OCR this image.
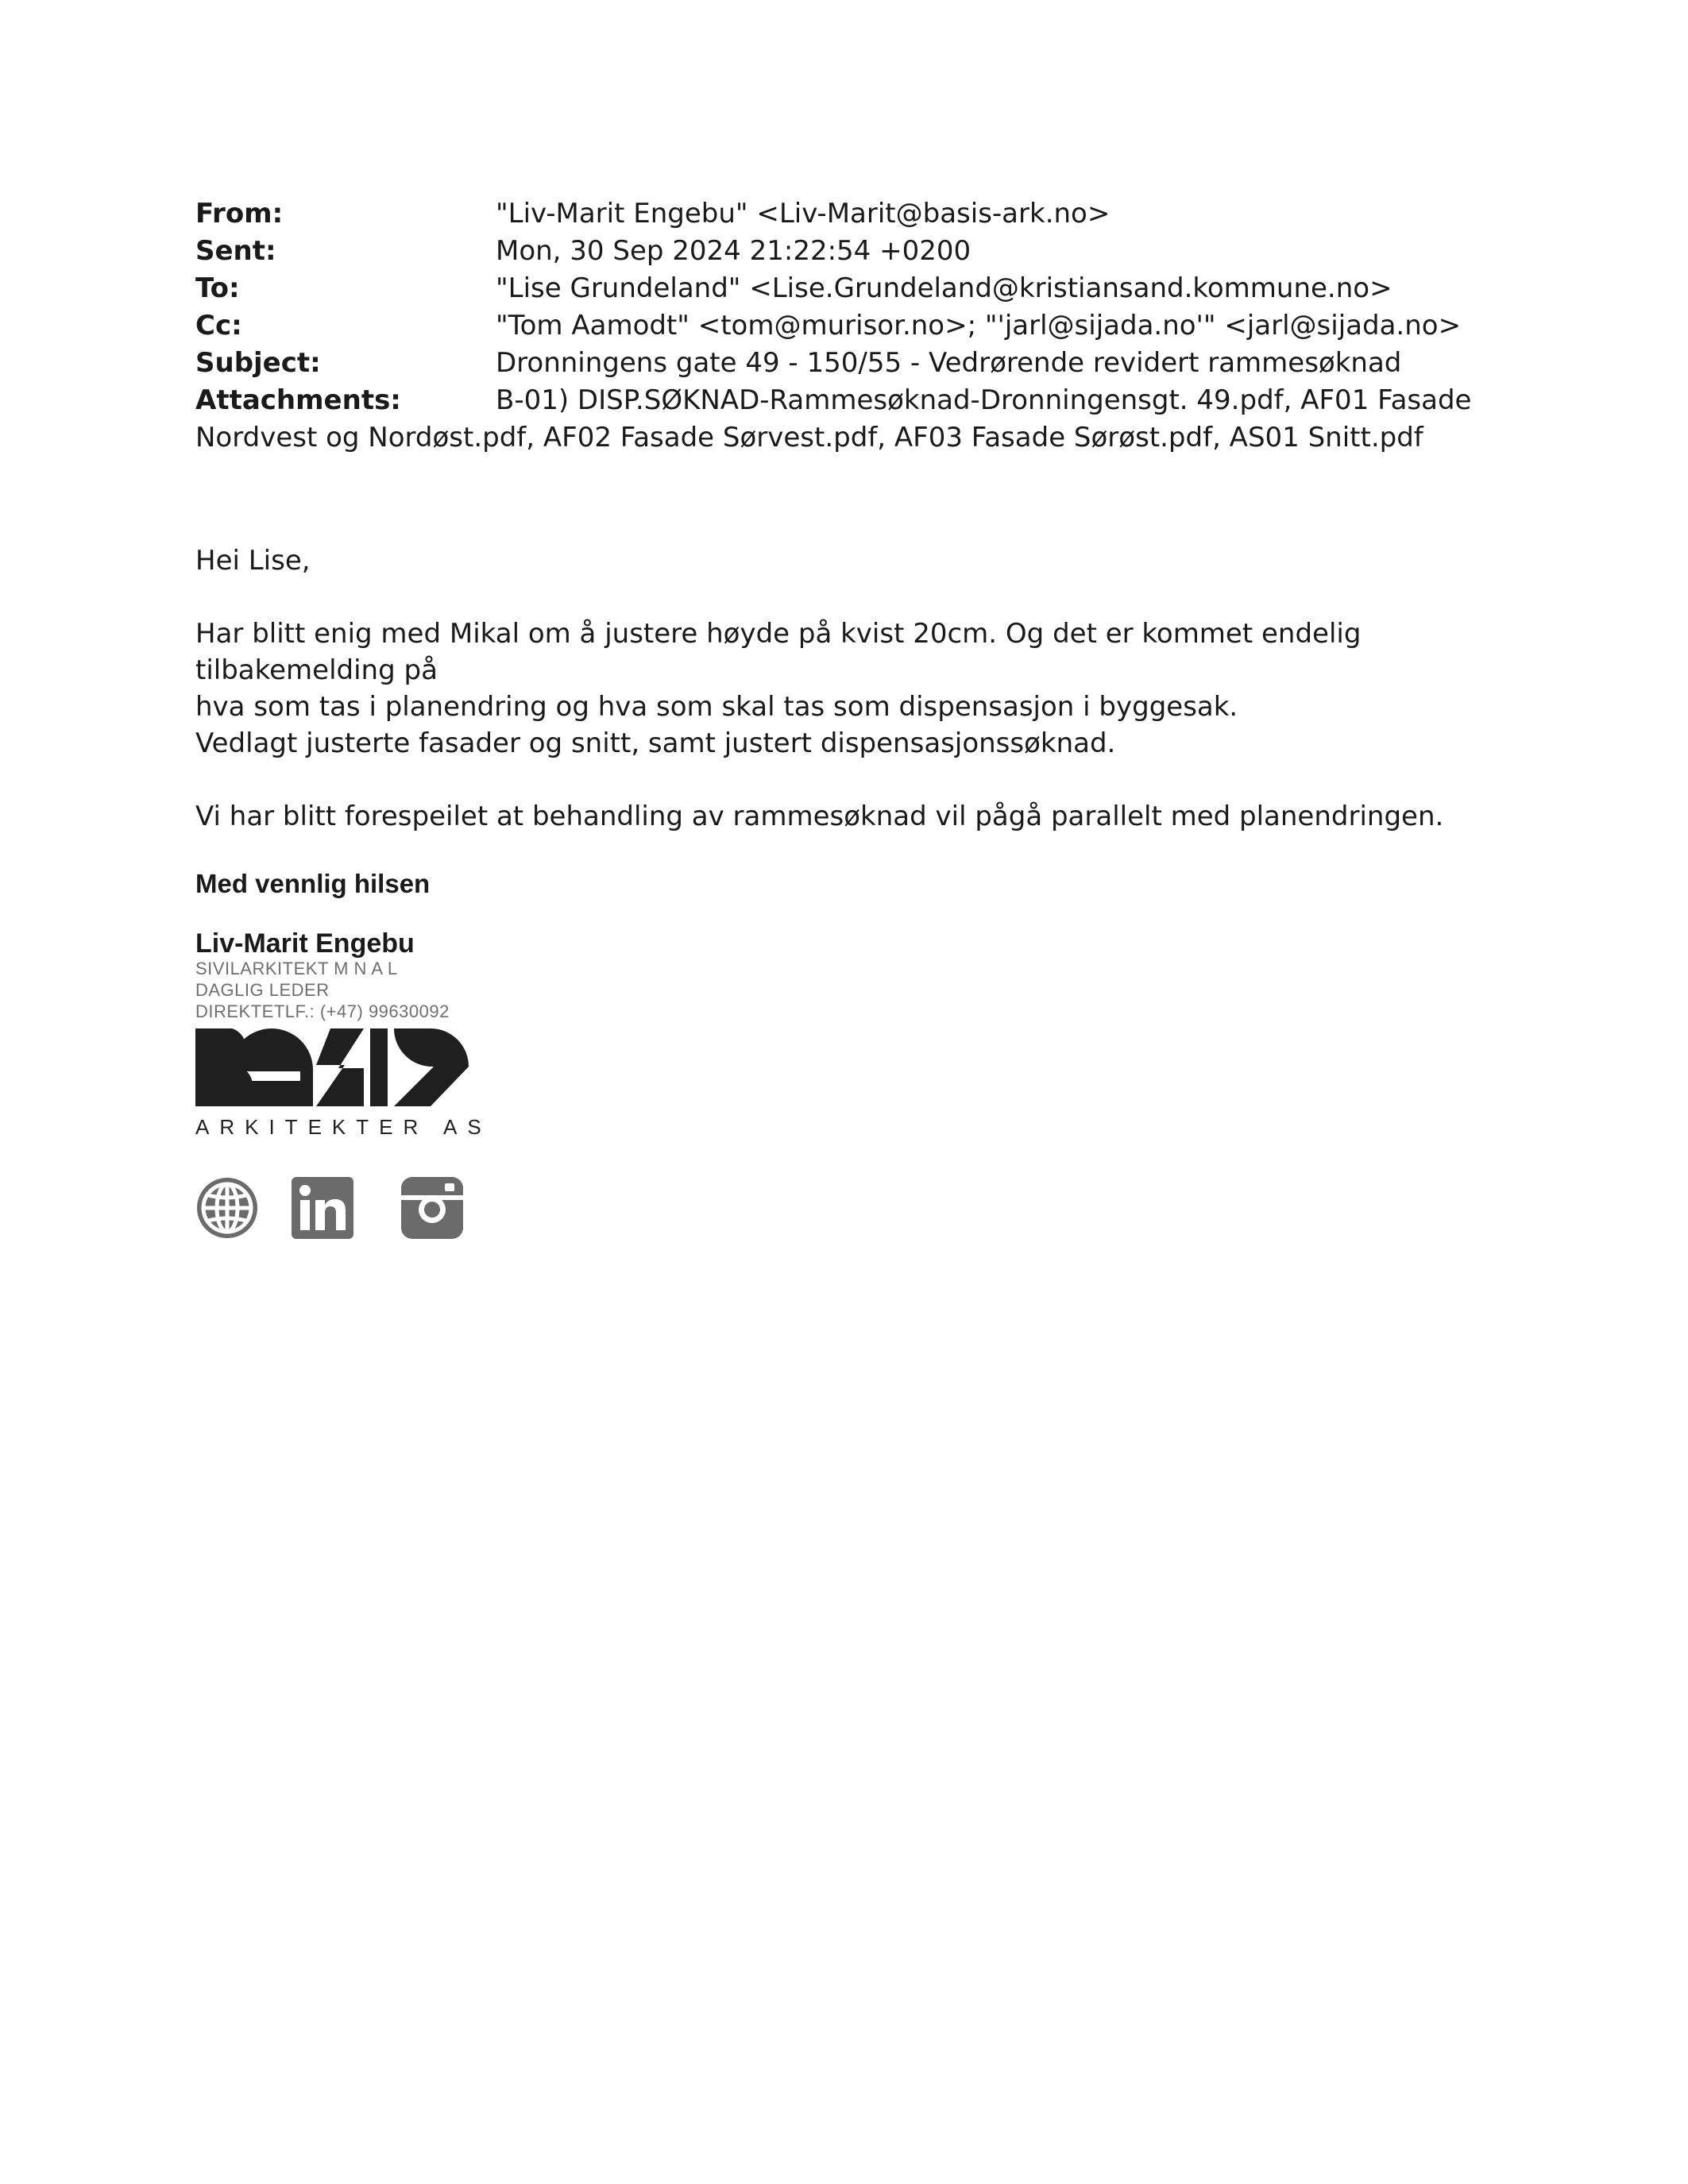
From:	"Liv-Marit Engebu" <Liv-Marit@basis-ark.no>
Sent:	Mon, 30 Sep 2024 21:22:54 +0200
To:	"Lise Grundeland" <Lise.Grundeland@kristiansand.kommune.no>
Cc:	"Tom Aamodt" <tom@murisor.no>; "'jarl@sijada.no'" <jarl@sijada.no>
Subject:	Dronningens gate 49 - 150/55 - Vedrørende revidert rammesøknad
Attachments:	B-01) DISP.SØKNAD-Rammesøknad-Dronningensgt. 49.pdf, AF01 Fasade Nordvest og Nordøst.pdf, AF02 Fasade Sørvest.pdf, AF03 Fasade Sørøst.pdf, AS01 Snitt.pdf

Hei Lise,

Har blitt enig med Mikal om å justere høyde på kvist 20cm. Og det er kommet endelig tilbakemelding på

hva som tas i planendring og hva som skal tas som dispensasjon i byggesak.

Vedlagt justerte fasader og snitt, samt justert dispensasjonssøknad.

Vi har blitt forespeilet at behandling av rammesøknad vil pågå parallelt med planendringen.

Med vennlig hilsen
Liv-Marit Engebu
SIVILARKITEKT M N A L
DAGLIG LEDER
DIREKTETLF.: (+47) 99630092
ARKITEKTER AS
